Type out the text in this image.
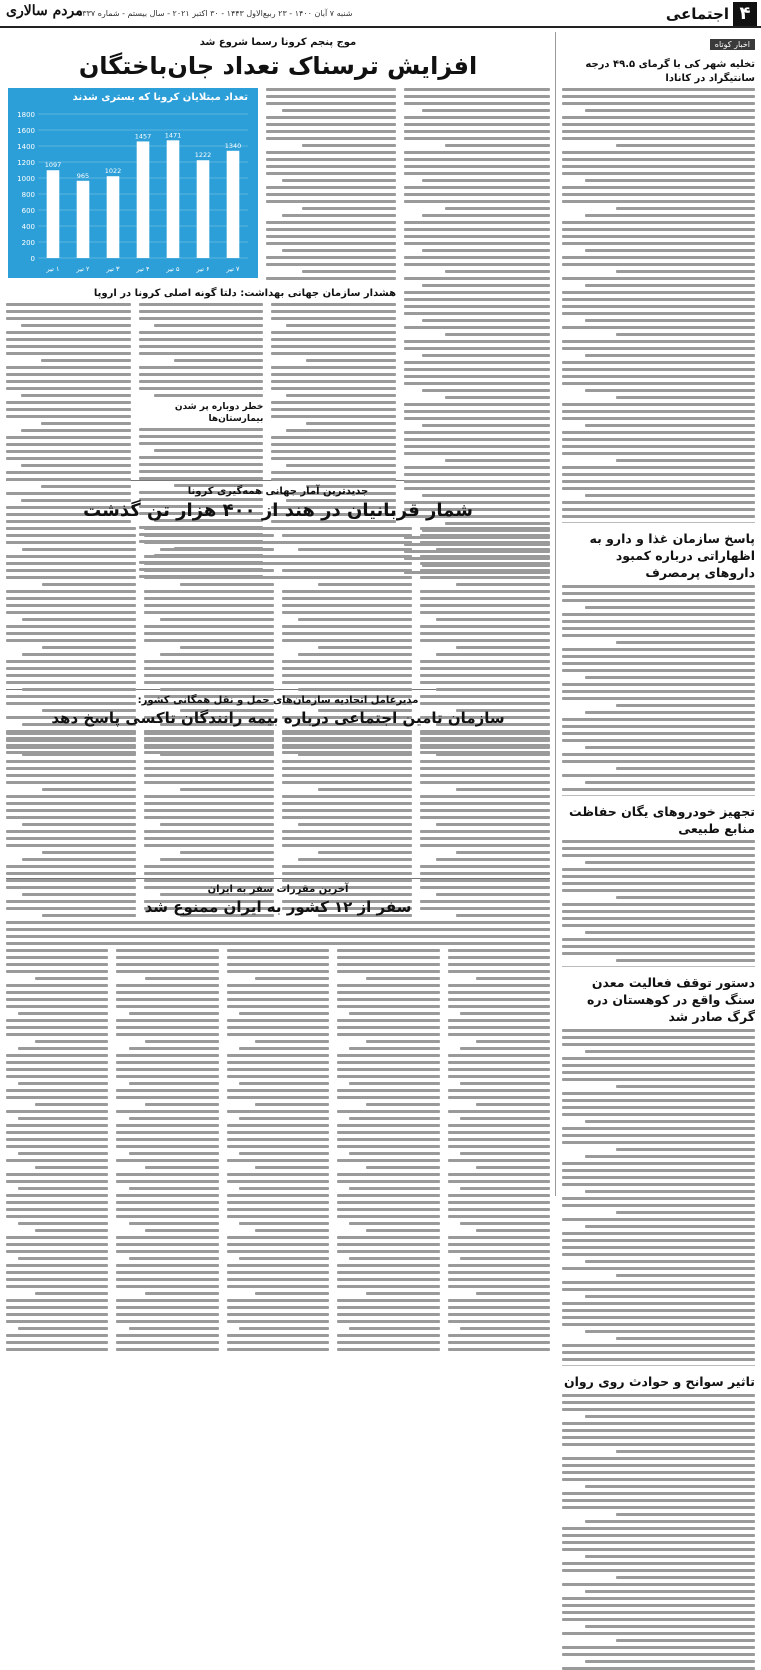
۴
اجتماعی
شنبه ۷ آبان ۱۴۰۰ - ۲۳ ربیع‌الاول ۱۴۴۳ - ۳۰ اکتبر ۲۰۲۱ - سال بیستم - شماره ۵۳۳۷
مردم سالاری
اخبار کوتاه
تخلیه شهر کی با گرمای ۴۹.۵ درجه سانتیگراد در کانادا
پاسخ سازمان غذا و دارو به اظهاراتی درباره کمبود داروهای پرمصرف
تجهیز خودروهای یگان حفاظت منابع طبیعی
دستور توقف فعالیت معدن سنگ واقع در کوهستان دره گرگ صادر شد
تاثیر سوانح و حوادث روی روان
موج پنجم کرونا رسما شروع شد
افزایش ترسناک تعداد جان‌باختگان
تعداد مبتلایان کرونا که بستری شدند
0
200
400
600
800
1000
1200
1400
1600
1800
1097
۱ تیر
965
۲ تیر
1022
۳ تیر
1457
۴ تیر
1471
۵ تیر
1222
۶ تیر
1340
۷ تیر
هشدار سازمان جهانی بهداشت: دلتا گونه اصلی کرونا در اروپا
خطر دوباره پر شدن بیمارستان‌ها
جدیدترین آمار جهانی همه‌گیری کرونا
شمار قربانیان در هند از ۴۰۰ هزار تن گذشت
مدیرعامل اتحادیه سازمان‌های حمل و نقل همگانی کشور:
سازمان تامین اجتماعی درباره بیمه رانندگان تاکسی پاسخ دهد
آخرین مقررات سفر به ایران
سفر از ۱۲ کشور به ایران ممنوع شد
